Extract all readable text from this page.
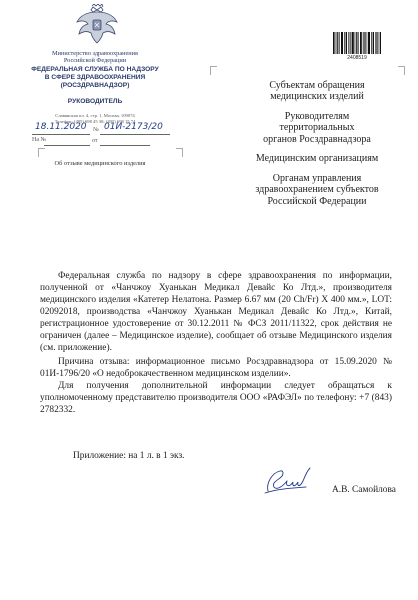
Министерство здравоохранения
Российской Федерации
ФЕДЕРАЛЬНАЯ СЛУЖБА ПО НАДЗОРУ
В СФЕРЕ ЗДРАВООХРАНЕНИЯ
(РОСЗДРАВНАДЗОР)
РУКОВОДИТЕЛЬ
Славянская пл. 4, стр. 1, Москва, 109074
Телефон: (495) 698 45 38; (495) 698 15 74
18.11.2020 № 01И-2173/20
На №	от
Об отзыве медицинского изделия
2408519
Субъектам обращения
медицинских изделий
Руководителям
территориальных
органов Росздравнадзора
Медицинским организациям
Органам управления
здравоохранением субъектов
Российской Федерации

Федеральная служба по надзору в сфере здравоохранения по информации, полученной от «Чанчжоу Хуанькан Медикал Девайс Ко Лтд.», производителя медицинского изделия «Катетер Нелатона. Размер 6.67 мм (20 Ch/Fr) X 400 мм.», LOT: 02092018, производства «Чанчжоу Хуанькан Медикал Девайс Ко Лтд.», Китай, регистрационное удостоверение от 30.12.2011 № ФСЗ 2011/11322, срок действия не ограничен (далее – Медицинское изделие), сообщает об отзыве Медицинского изделия (см. приложение).

Причина отзыва: информационное письмо Росздравнадзора от 15.09.2020 № 01И-1796/20 «О недоброкачественном медицинском изделии».

Для получения дополнительной информации следует обращаться к уполномоченному представителю производителя ООО «РАФЭЛ» по телефону: +7 (843) 2782332.

Приложение: на 1 л. в 1 экз.
А.В. Самойлова
